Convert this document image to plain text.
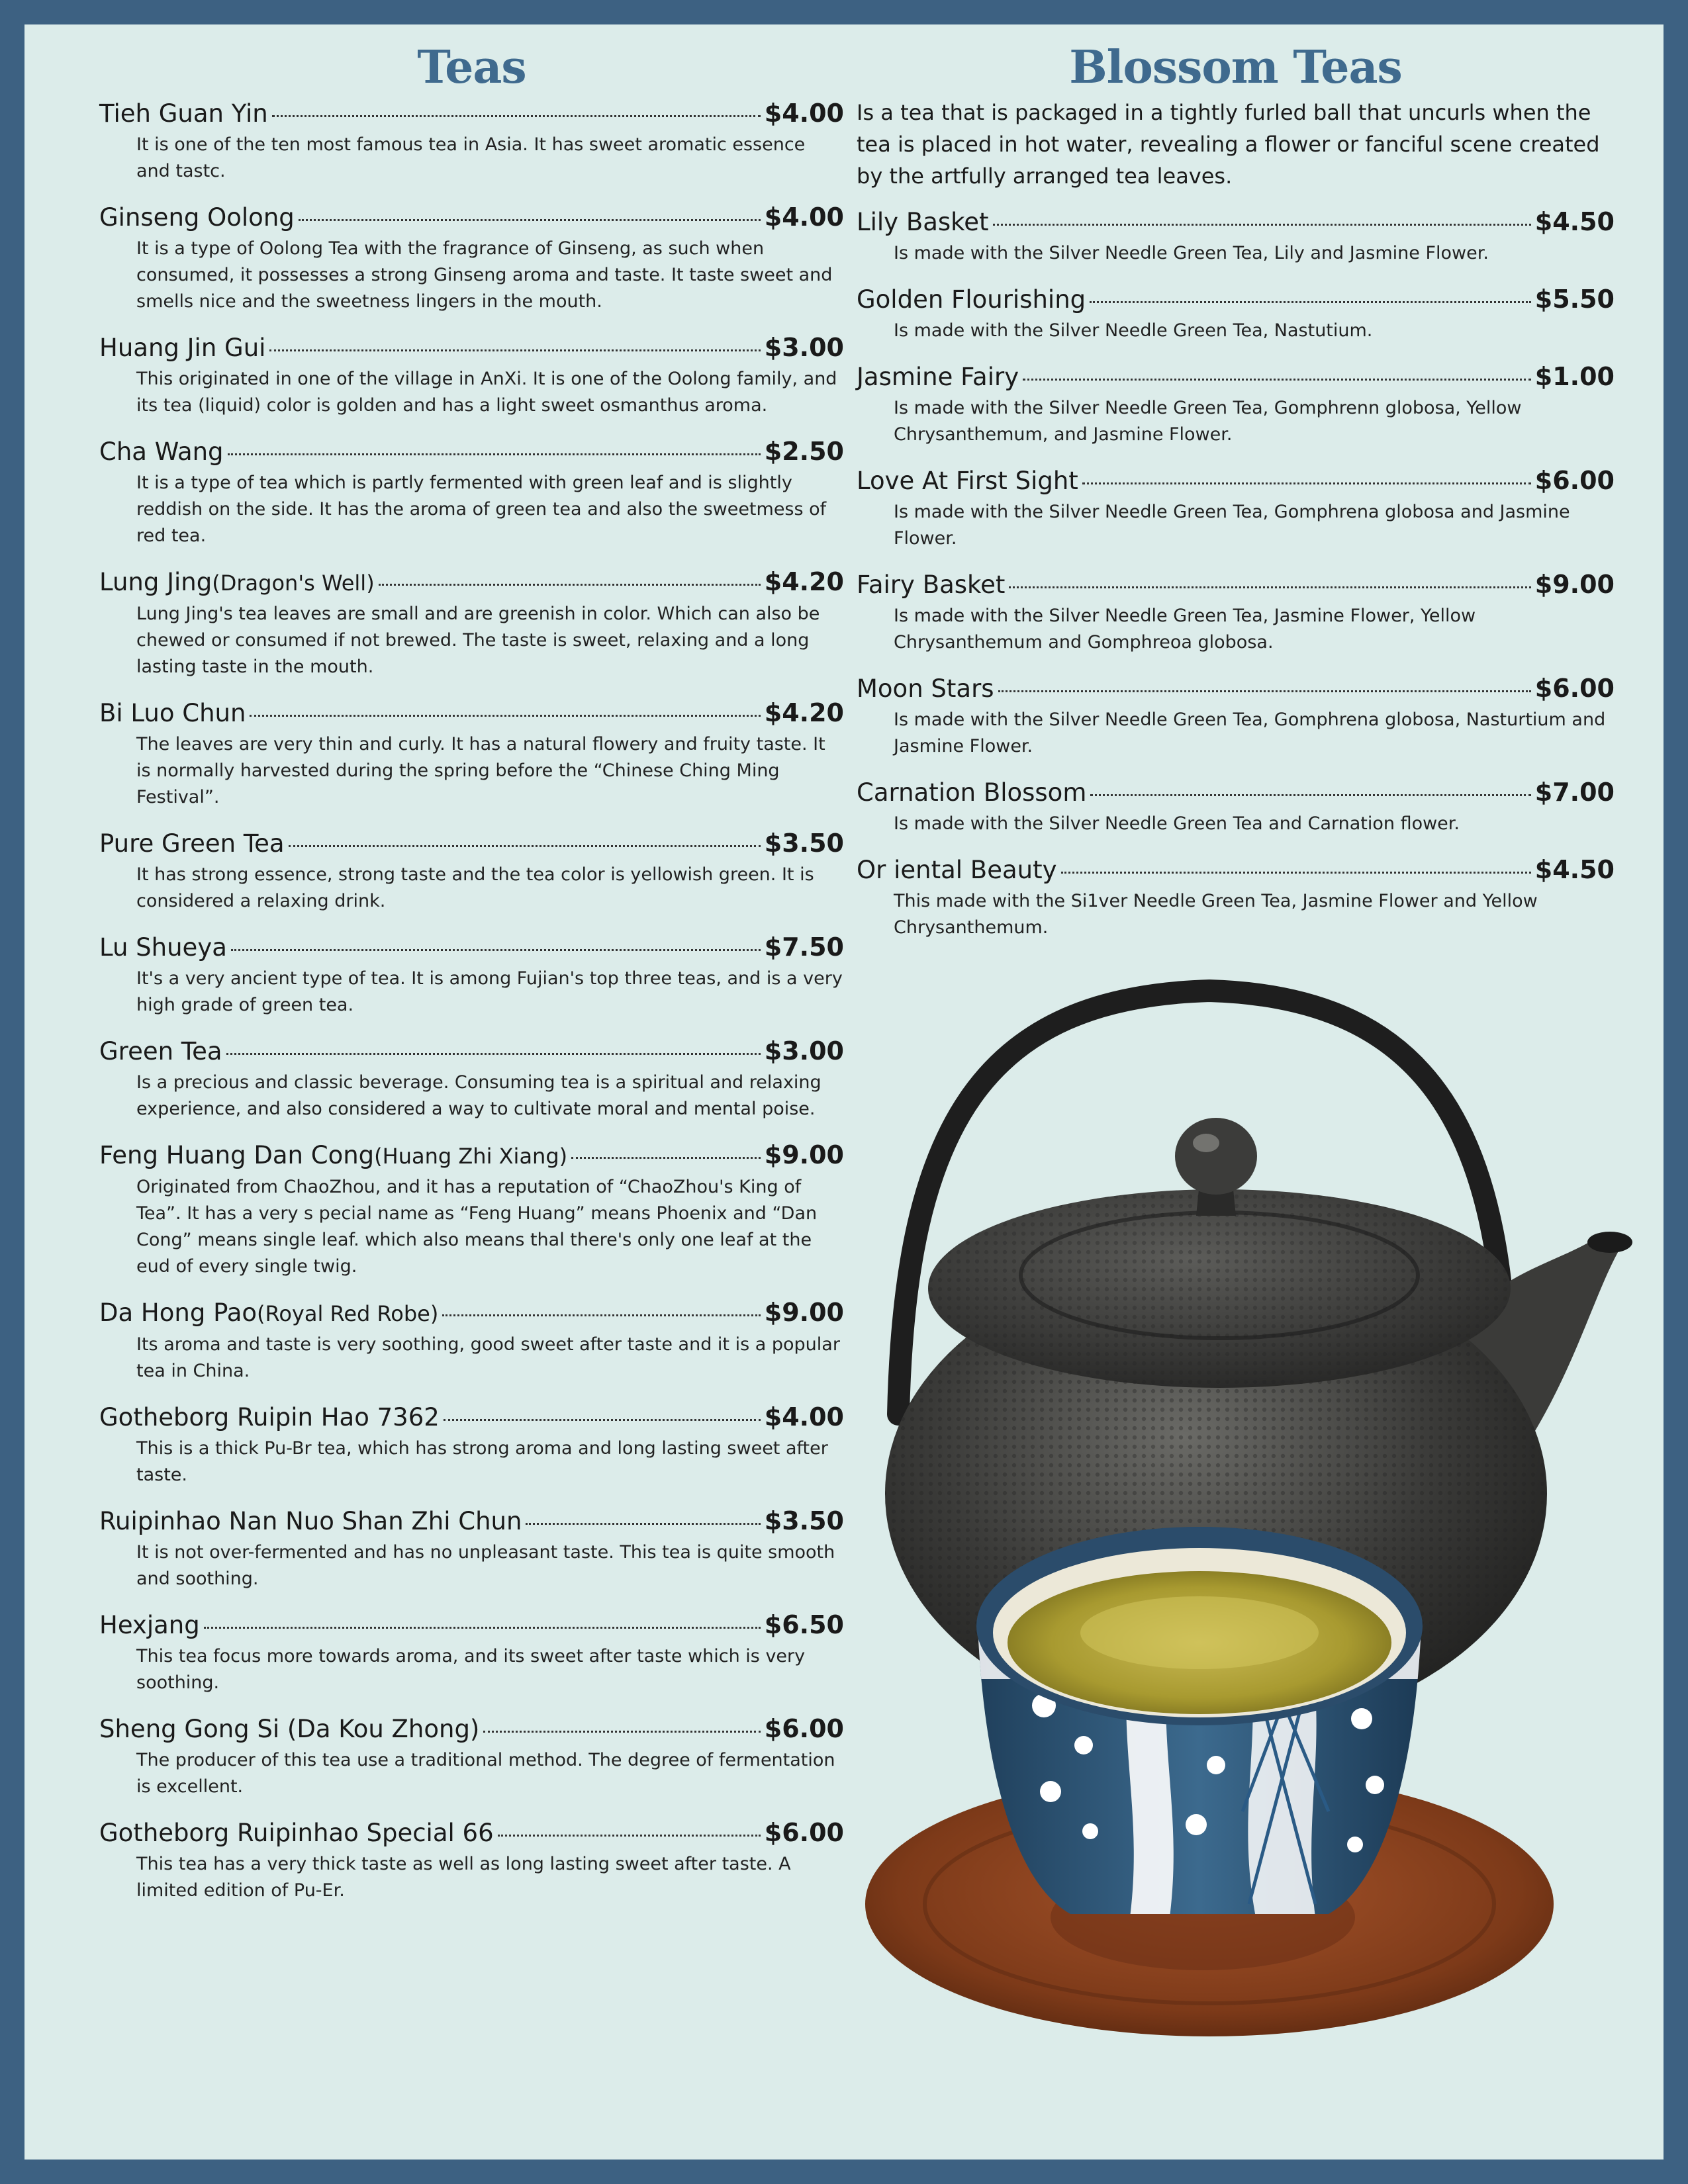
Teas
Tieh Guan Yin	$4.00
It is one of the ten most famous tea in Asia. It has sweet aromatic essence and tastc.
Ginseng Oolong	$4.00
It is a type of Oolong Tea with the fragrance of Ginseng, as such when consumed, it possesses a strong Ginseng aroma and taste. It taste sweet and smells nice and the sweetness lingers in the mouth.
Huang Jin Gui	$3.00
This originated in one of the village in AnXi. It is one of the Oolong family, and its tea (liquid) color is golden and has a light sweet osmanthus aroma.
Cha Wang	$2.50
It is a type of tea which is partly fermented with green leaf and is slightly reddish on the side. It has the aroma of green tea and also the sweetmess of red tea.
Lung Jing (Dragon's Well)	$4.20
Lung Jing's tea leaves are small and are greenish in color. Which can also be chewed or consumed if not brewed. The taste is sweet, relaxing and a long lasting taste in the mouth.
Bi Luo Chun	$4.20
The leaves are very thin and curly. It has a natural flowery and fruity taste. It is normally harvested during the spring before the “Chinese Ching Ming Festival”.
Pure Green Tea	$3.50
It has strong essence, strong taste and the tea color is yellowish green. It is considered a relaxing drink.
Lu Shueya	$7.50
It's a very ancient type of tea. It is among Fujian's top three teas, and is a very high grade of green tea.
Green Tea	$3.00
Is a precious and classic beverage. Consuming tea is a spiritual and relaxing experience, and also considered a way to cultivate moral and mental poise.
Feng Huang Dan Cong (Huang Zhi Xiang)	$9.00
Originated from ChaoZhou, and it has a reputation of “ChaoZhou's King of Tea”. It has a very s pecial name as “Feng Huang” means Phoenix and “Dan Cong” means single leaf. which also means thal there's only one leaf at the eud of every single twig.
Da Hong Pao (Royal Red Robe)	$9.00
Its aroma and taste is very soothing, good sweet after taste and it is a popular tea in China.
Gotheborg Ruipin Hao 7362	$4.00
This is a thick Pu-Br tea, which has strong aroma and long lasting sweet after taste.
Ruipinhao Nan Nuo Shan Zhi Chun	$3.50
It is not over-fermented and has no unpleasant taste. This tea is quite smooth and soothing.
Hexjang	$6.50
This tea focus more towards aroma, and its sweet after taste which is very soothing.
Sheng Gong Si (Da Kou Zhong)	$6.00
The producer of this tea use a traditional method. The degree of fermentation is excellent.
Gotheborg Ruipinhao Special 66	$6.00
This tea has a very thick taste as well as long lasting sweet after taste. A limited edition of Pu-Er.
Blossom Teas

Is a tea that is packaged in a tightly furled ball that uncurls when the tea is placed in hot water, revealing a flower or fanciful scene created by the artfully arranged tea leaves.

Lily Basket	$4.50
Is made with the Silver Needle Green Tea, Lily and Jasmine Flower.
Golden Flourishing	$5.50
Is made with the Silver Needle Green Tea, Nastutium.
Jasmine Fairy	$1.00
Is made with the Silver Needle Green Tea, Gomphrenn globosa, Yellow Chrysanthemum, and Jasmine Flower.
Love At First Sight	$6.00
Is made with the Silver Needle Green Tea, Gomphrena globosa and Jasmine Flower.
Fairy Basket	$9.00
Is made with the Silver Needle Green Tea, Jasmine Flower, Yellow Chrysanthemum and Gomphreoa globosa.
Moon Stars	$6.00
Is made with the Silver Needle Green Tea, Gomphrena globosa, Nasturtium and Jasmine Flower.
Carnation Blossom	$7.00
Is made with the Silver Needle Green Tea and Carnation flower.
Or iental Beauty	$4.50
This made with the Si1ver Needle Green Tea, Jasmine Flower and Yellow Chrysanthemum.
